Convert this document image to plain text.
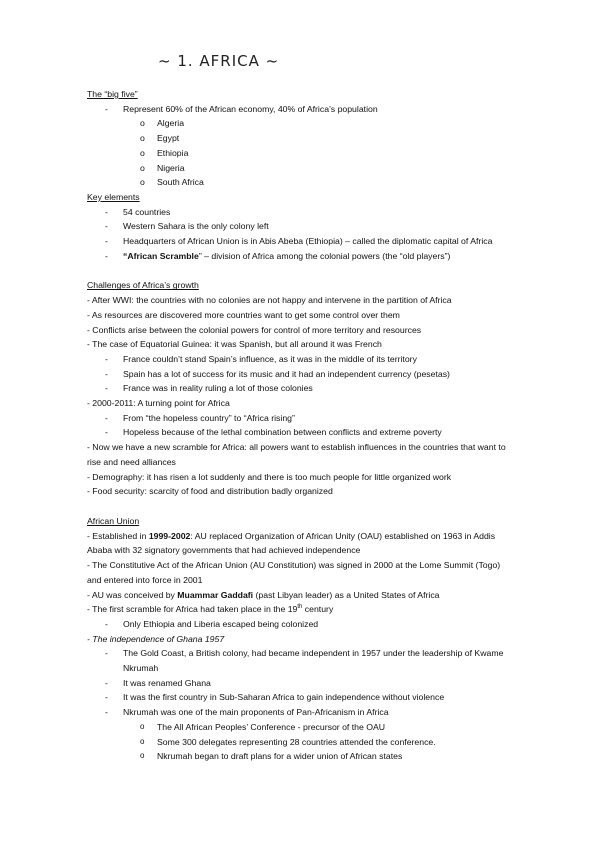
~ 1. AFRICA ~
The “big five”
- Represent 60% of the African economy, 40% of Africa’s population
o Algeria
o Egypt
o Ethiopia
o Nigeria
o South Africa
Key elements
- 54 countries
- Western Sahara is the only colony left
- Headquarters of African Union is in Abis Abeba (Ethiopia) – called the diplomatic capital of Africa
- “African Scramble” – division of Africa among the colonial powers (the “old players”)
Challenges of Africa’s growth
- After WWI: the countries with no colonies are not happy and intervene in the partition of Africa
- As resources are discovered more countries want to get some control over them
- Conflicts arise between the colonial powers for control of more territory and resources
- The case of Equatorial Guinea: it was Spanish, but all around it was French
- France couldn’t stand Spain’s influence, as it was in the middle of its territory
- Spain has a lot of success for its music and it had an independent currency (pesetas)
- France was in reality ruling a lot of those colonies
- 2000-2011: A turning point for Africa
- From “the hopeless country” to “Africa rising”
- Hopeless because of the lethal combination between conflicts and extreme poverty
- Now we have a new scramble for Africa: all powers want to establish influences in the countries that want to rise and need alliances
- Demography: it has risen a lot suddenly and there is too much people for little organized work
- Food security: scarcity of food and distribution badly organized
African Union
- Established in 1999-2002: AU replaced Organization of African Unity (OAU) established on 1963 in Addis Ababa with 32 signatory governments that had achieved independence
- The Constitutive Act of the African Union (AU Constitution) was signed in 2000 at the Lome Summit (Togo) and entered into force in 2001
- AU was conceived by Muammar Gaddafi (past Libyan leader) as a United States of Africa
- The first scramble for Africa had taken place in the 19th century
- Only Ethiopia and Liberia escaped being colonized
- The independence of Ghana 1957
- The Gold Coast, a British colony, had became independent in 1957 under the leadership of Kwame Nkrumah
- It was renamed Ghana
- It was the first country in Sub-Saharan Africa to gain independence without violence
- Nkrumah was one of the main proponents of Pan-Africanism in Africa
o The All African Peoples’ Conference - precursor of the OAU
o Some 300 delegates representing 28 countries attended the conference.
o Nkrumah began to draft plans for a wider union of African states
